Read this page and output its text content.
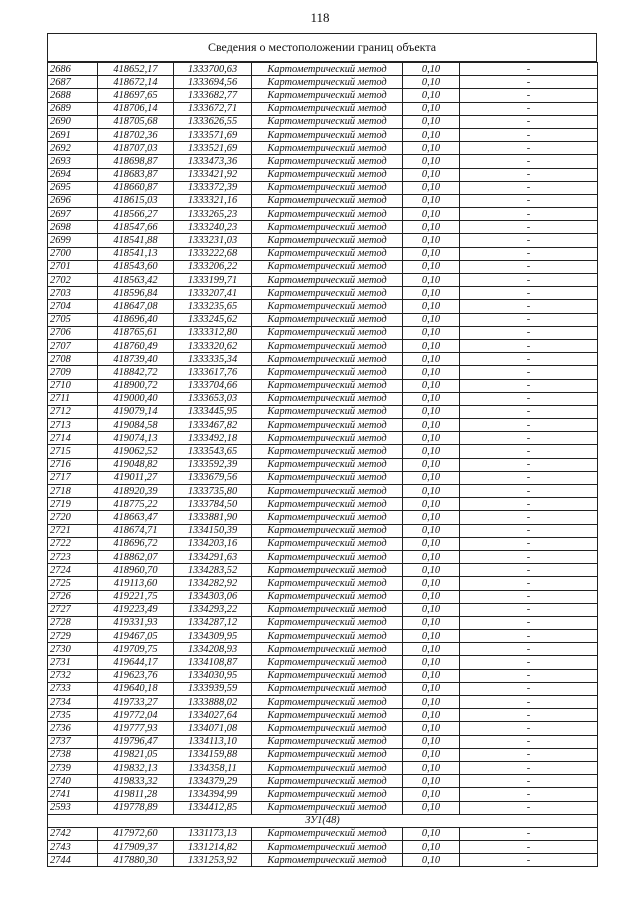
118
Сведения о местоположении границ объекта
2686	418652,17	1333700,63	Картометрический метод	0,10	-
2687	418672,14	1333694,56	Картометрический метод	0,10	-
2688	418697,65	1333682,77	Картометрический метод	0,10	-
2689	418706,14	1333672,71	Картометрический метод	0,10	-
2690	418705,68	1333626,55	Картометрический метод	0,10	-
2691	418702,36	1333571,69	Картометрический метод	0,10	-
2692	418707,03	1333521,69	Картометрический метод	0,10	-
2693	418698,87	1333473,36	Картометрический метод	0,10	-
2694	418683,87	1333421,92	Картометрический метод	0,10	-
2695	418660,87	1333372,39	Картометрический метод	0,10	-
2696	418615,03	1333321,16	Картометрический метод	0,10	-
2697	418566,27	1333265,23	Картометрический метод	0,10	-
2698	418547,66	1333240,23	Картометрический метод	0,10	-
2699	418541,88	1333231,03	Картометрический метод	0,10	-
2700	418541,13	1333222,68	Картометрический метод	0,10	-
2701	418543,60	1333206,22	Картометрический метод	0,10	-
2702	418563,42	1333199,71	Картометрический метод	0,10	-
2703	418596,84	1333207,41	Картометрический метод	0,10	-
2704	418647,08	1333235,65	Картометрический метод	0,10	-
2705	418696,40	1333245,62	Картометрический метод	0,10	-
2706	418765,61	1333312,80	Картометрический метод	0,10	-
2707	418760,49	1333320,62	Картометрический метод	0,10	-
2708	418739,40	1333335,34	Картометрический метод	0,10	-
2709	418842,72	1333617,76	Картометрический метод	0,10	-
2710	418900,72	1333704,66	Картометрический метод	0,10	-
2711	419000,40	1333653,03	Картометрический метод	0,10	-
2712	419079,14	1333445,95	Картометрический метод	0,10	-
2713	419084,58	1333467,82	Картометрический метод	0,10	-
2714	419074,13	1333492,18	Картометрический метод	0,10	-
2715	419062,52	1333543,65	Картометрический метод	0,10	-
2716	419048,82	1333592,39	Картометрический метод	0,10	-
2717	419011,27	1333679,56	Картометрический метод	0,10	-
2718	418920,39	1333735,80	Картометрический метод	0,10	-
2719	418775,22	1333784,50	Картометрический метод	0,10	-
2720	418663,47	1333881,90	Картометрический метод	0,10	-
2721	418674,71	1334150,39	Картометрический метод	0,10	-
2722	418696,72	1334203,16	Картометрический метод	0,10	-
2723	418862,07	1334291,63	Картометрический метод	0,10	-
2724	418960,70	1334283,52	Картометрический метод	0,10	-
2725	419113,60	1334282,92	Картометрический метод	0,10	-
2726	419221,75	1334303,06	Картометрический метод	0,10	-
2727	419223,49	1334293,22	Картометрический метод	0,10	-
2728	419331,93	1334287,12	Картометрический метод	0,10	-
2729	419467,05	1334309,95	Картометрический метод	0,10	-
2730	419709,75	1334208,93	Картометрический метод	0,10	-
2731	419644,17	1334108,87	Картометрический метод	0,10	-
2732	419623,76	1334030,95	Картометрический метод	0,10	-
2733	419640,18	1333939,59	Картометрический метод	0,10	-
2734	419733,27	1333888,02	Картометрический метод	0,10	-
2735	419772,04	1334027,64	Картометрический метод	0,10	-
2736	419777,93	1334071,08	Картометрический метод	0,10	-
2737	419796,47	1334113,10	Картометрический метод	0,10	-
2738	419821,05	1334159,88	Картометрический метод	0,10	-
2739	419832,13	1334358,11	Картометрический метод	0,10	-
2740	419833,32	1334379,29	Картометрический метод	0,10	-
2741	419811,28	1334394,99	Картометрический метод	0,10	-
2593	419778,89	1334412,85	Картометрический метод	0,10	-
ЗУ1(48)					
2742	417972,60	1331173,13	Картометрический метод	0,10	-
2743	417909,37	1331214,82	Картометрический метод	0,10	-
2744	417880,30	1331253,92	Картометрический метод	0,10	-
